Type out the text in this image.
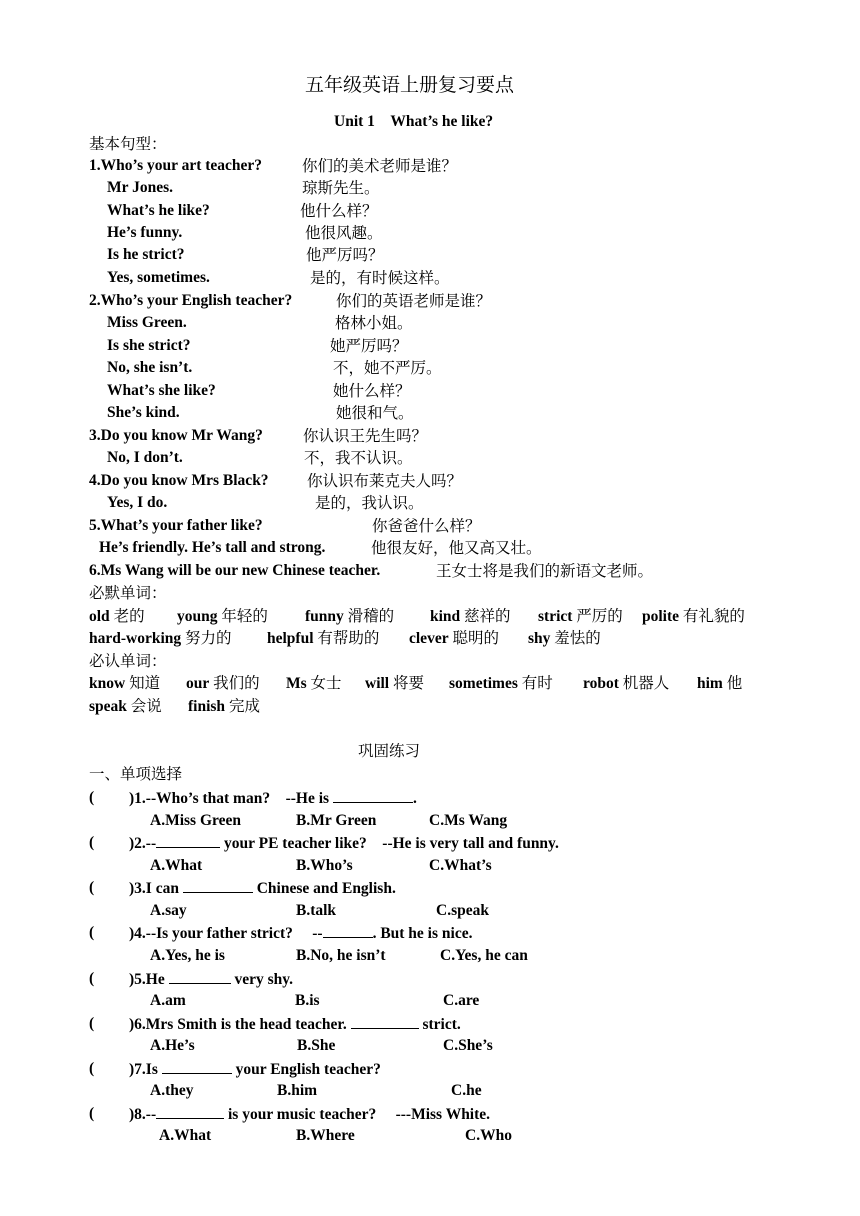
五年级英语上册复习要点
Unit 1　What’s he like?
基本句型：
1.Who’s your art teacher?	你们的美术老师是谁？
Mr Jones.	琼斯先生。
What’s he like?	他什么样？
He’s funny.	他很风趣。
Is he strict?	他严厉吗？
Yes, sometimes.	是的，有时候这样。
2.Who’s your English teacher?	你们的英语老师是谁？
Miss Green.	格林小姐。
Is she strict?	她严厉吗？
No, she isn’t.	不，她不严厉。
What’s she like?	她什么样？
She’s kind.	她很和气。
3.Do you know Mr Wang?	你认识王先生吗？
No, I don’t.	不，我不认识。
4.Do you know Mrs Black? 你认识布莱克夫人吗？
Yes, I do.	是的，我认识。
5.What’s your father like?	你爸爸什么样？
He’s friendly. He’s tall and strong.	他很友好，他又高又壮。
6.Ms Wang will be our new Chinese teacher.	王女士将是我们的新语文老师。
必默单词：
old 老的 young 年轻的 funny 滑稽的 kind 慈祥的 strict 严厉的 polite 有礼貌的
hard-working 努力的 helpful 有帮助的 clever 聪明的 shy 羞怯的
必认单词：
know 知道 our 我们的 Ms 女士 will 将要 sometimes 有时 robot 机器人 him 他
speak 会说 finish 完成
巩固练习
一、单项选择
( )1.--Who’s that man?　--He is	.
A.Miss Green	B.Mr Green	C.Ms Wang
( )2.--	your PE teacher like?　--He is very tall and funny.
A.What	B.Who’s	C.What’s
( )3.I can	Chinese and English.
A.say	B.talk	C.speak
( )4.--Is your father strict?　 --	. But he is nice.
A.Yes, he is	B.No, he isn’t	C.Yes, he can
( )5.He	very shy.
A.am	B.is	C.are
( )6.Mrs Smith is the head teacher.	strict.
A.He’s	B.She	C.She’s
( )7.Is	your English teacher?
A.they	B.him	C.he
( )8.--	is your music teacher?　 ---Miss White.
A.What	B.Where	C.Who
